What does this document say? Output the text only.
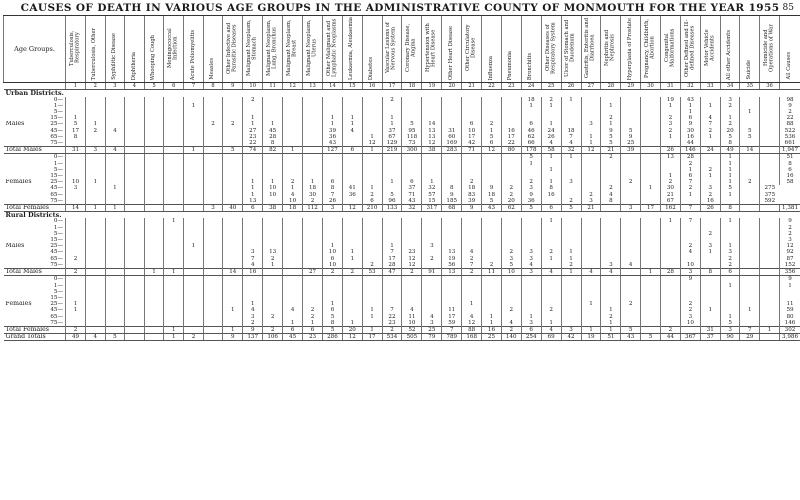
CAUSES OF DEATH IN VARIOUS AGE GROUPS IN THE ADMINISTRATIVE COUNTY OF MONMOUTH FOR THE YEAR 1955 85
Age Groups.			Tuberculosis, Respiratory	Tuberculosis, Other	Syphilitic Disease	Diphtheria	Whooping Cough	Meningococcal Infection	Acute Poliomyelitis	Measles	Other Infective and Parasitic Diseases	Malignant Neoplasm, Stomach	Malignant Neoplasm, Lung, Bronchus	Malignant Neoplasm, Breast	Malignant Neoplasm, Uterus	Other Malignant and Lymphatic Neoplasms	Leukaemia, Aleukaemia	Diabetes	Vascular Lesions of Nervous System	Coronary Disease, Angina	Hypertension with Heart Disease	Other Heart Disease	Other Circulatory Disease	Influenza	Pneumonia	Bronchitis	Other Diseases of Respiratory System	Ulcer of Stomach and Duodenum	Gastritis, Enteritis and Diarrhoea	Nephritis and Nephrosis	Hyperplasia of Prostate	Pregnancy, Childbirth, Abortion	Congenital Malformations	Other Defined and Ill-defined Diseases	Motor Vehicle Accidents	All other Accidents	Suicide	Homicide and Operations of War	All Causes
			1	2	3	4	5	6	7	8	9	10	11	12	13	14	15	16	17	18	19	20	21	22	23	24	25	26	27	28	29	30	31	32	33	34	35	36	
Urban Districts.																																							
		0—										2							2							18	2	1					19	43		3			98
		1—							1																	1	1			1			1	1	1	2			9
		5—																																1			1		2
		15—	1									1				1	1		1											2			2	6	4	1			22
Males		25—	5	1						2	2	1	1			1	1		1	5	14		6	2		6	1		3	1			3	9	7	2			88
		45—	17	2	4							27	45			39	4		37	95	13	31	10	1	16	46	24	18		9	5		2	30	2	20	5		522
		65—	8									23	28			36		1	67	118	13	60	17	5	17	62	26	7	1	5	9		1	16	1	5	5		536
		75—										22	8			43		12	129	73	12	169	42	6	22	66	4	4	1	5	25			44		8			661
Total Males			31	3	4				1		5	74	82	1		127	6	1	219	300	38	283	71	12	80	178	58	32	12	21	39		26	146	24	49	14		1,947
		0—																								5	1	1		2			13	28		1			51
		1—																								1								2		1			8
		5—																									1							1	2	1			6
		15—																															1	6	1	1			16
Females		25—	10	1								1	1	2	1	6			1	6	1		2			2	1	3			2		2	7		1	2		58
		45—	3		1							1	10	1	18	8	41	1		37	32	8	18	9	2	3	8			2		1	30	2	3	5		275	
		65—										1	10	4	30	7	36	2	5	71	57	9	83	18	2	9	16		2	4			21	1	2	1		375	
		75—										13		10	2	26		6	96	43	15	185	39	5	20	36		2	3	8			67		16			592	
Total Females			14	1	1					3	40	6	38	18	112	3	12	210	133	32	317	68	9	43	62	5	6	5	21		3	17	162	7	26	8			1,381
Rural Districts.																																							
		0—						1																			1						1	7		1			9
		1—																																					2
		5—																																	2				2
		15—																																					3
Males		25—							1							1			1		3													2	3	1			12
		45—										3	13			10	1		7	23		13	4		2	3	2	1						4	1	3			92
		65—	2									7	2			6	1		17	12	2	19	2		3	3	1	1								2			87
		75—										4	1			10		2	28	12		56	7	2	5	4		2		3	4			10		2			152
Total Males			2				1	1			14	16			27	2	2	53	47	2	91	13	2	11	10	3	4	1	4	4		1	28	3	8	6			356
		0—																																9					9
		1—																																		1			1
		5—																																					
		15—																																					
Females		25—	1									1				1							1						1		2			2					11
		45—	1								1	4		4	2	6		1	7	4		11			2		2			1				2	1		1		59
		65—										3	2		2	5		1	22	11	4	17	4	1		1				2				3		1			80
		75—										2		1	1	8	1		23	10	3	59	12	1	4	3	1			1				10		5			146
Total Females			2					1			1	9	2	6	6	5	20	1	2	52	25	7	88	16	2	6	4	3	1	1	5		2		31	3	7	1	302
Grand Totals			49	4	5			1	2		9	137	106	45	23	286	12	17	534	505	79	789	168	25	140	254	69	42	19	51	43	5	44	367	37	90	29		3,986
